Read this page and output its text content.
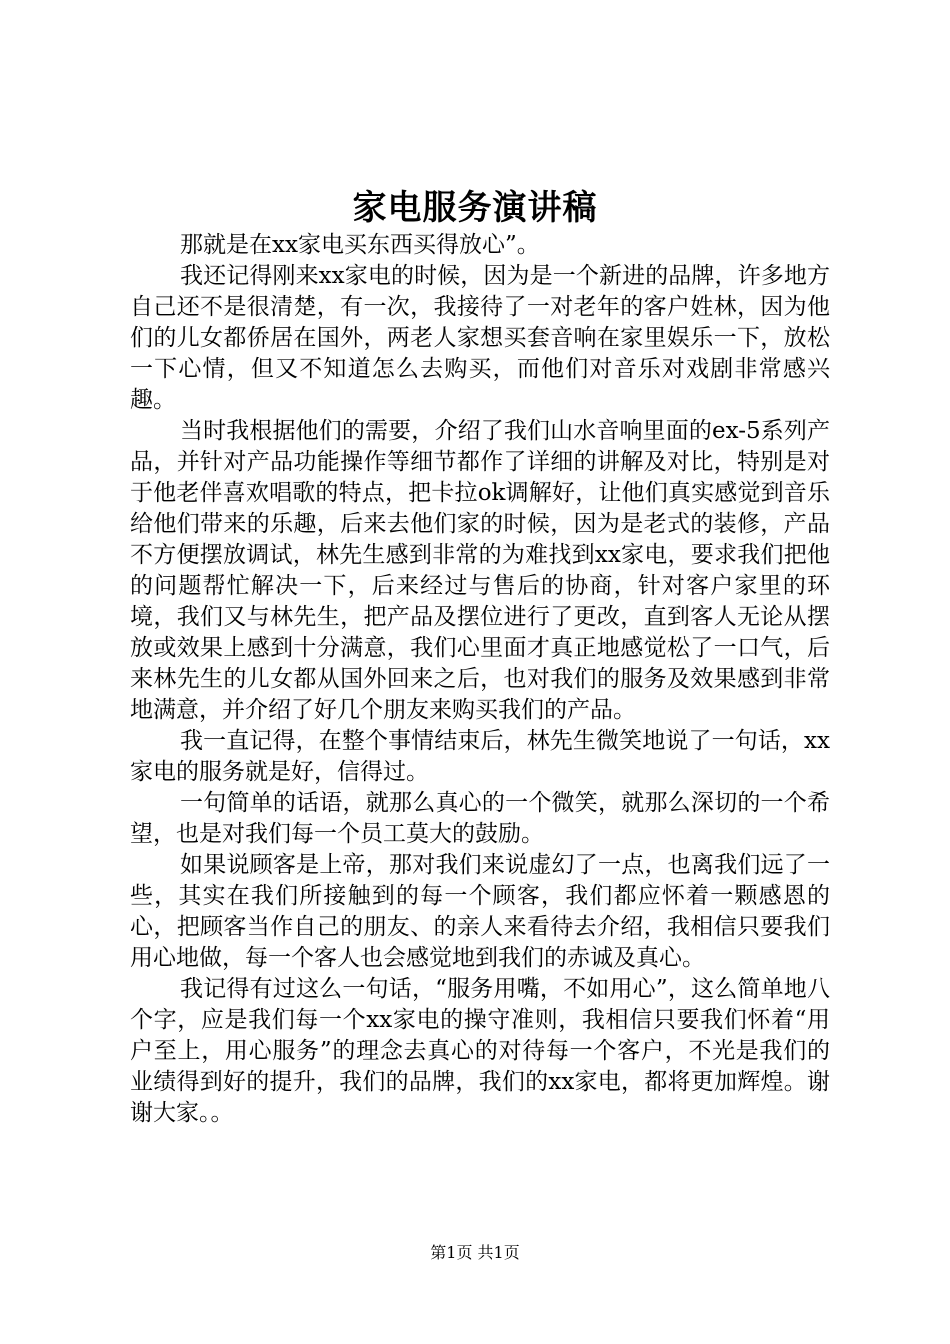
家电服务演讲稿

那就是在xx家电买东西买得放心”。

我还记得刚来xx家电的时候，因为是一个新进的品牌，许多地方自己还不是很清楚，有一次，我接待了一对老年的客户姓林，因为他们的儿女都侨居在国外，两老人家想买套音响在家里娱乐一下，放松一下心情，但又不知道怎么去购买，而他们对音乐对戏剧非常感兴趣。

当时我根据他们的需要，介绍了我们山水音响里面的ex-5系列产品，并针对产品功能操作等细节都作了详细的讲解及对比，特别是对于他老伴喜欢唱歌的特点，把卡拉ok调解好，让他们真实感觉到音乐给他们带来的乐趣，后来去他们家的时候，因为是老式的装修，产品不方便摆放调试，林先生感到非常的为难找到xx家电，要求我们把他的问题帮忙解决一下，后来经过与售后的协商，针对客户家里的环境，我们又与林先生，把产品及摆位进行了更改，直到客人无论从摆放或效果上感到十分满意，我们心里面才真正地感觉松了一口气，后来林先生的儿女都从国外回来之后，也对我们的服务及效果感到非常地满意，并介绍了好几个朋友来购买我们的产品。

我一直记得，在整个事情结束后，林先生微笑地说了一句话，xx家电的服务就是好，信得过。

一句简单的话语，就那么真心的一个微笑，就那么深切的一个希望，也是对我们每一个员工莫大的鼓励。

如果说顾客是上帝，那对我们来说虚幻了一点，也离我们远了一些，其实在我们所接触到的每一个顾客，我们都应怀着一颗感恩的心，把顾客当作自己的朋友、的亲人来看待去介绍，我相信只要我们用心地做，每一个客人也会感觉地到我们的赤诚及真心。

我记得有过这么一句话，“服务用嘴，不如用心”，这么简单地八个字，应是我们每一个xx家电的操守准则，我相信只要我们怀着“用户至上，用心服务”的理念去真心的对待每一个客户，不光是我们的业绩得到好的提升，我们的品牌，我们的xx家电，都将更加辉煌。谢谢大家。。

第1页 共1页
